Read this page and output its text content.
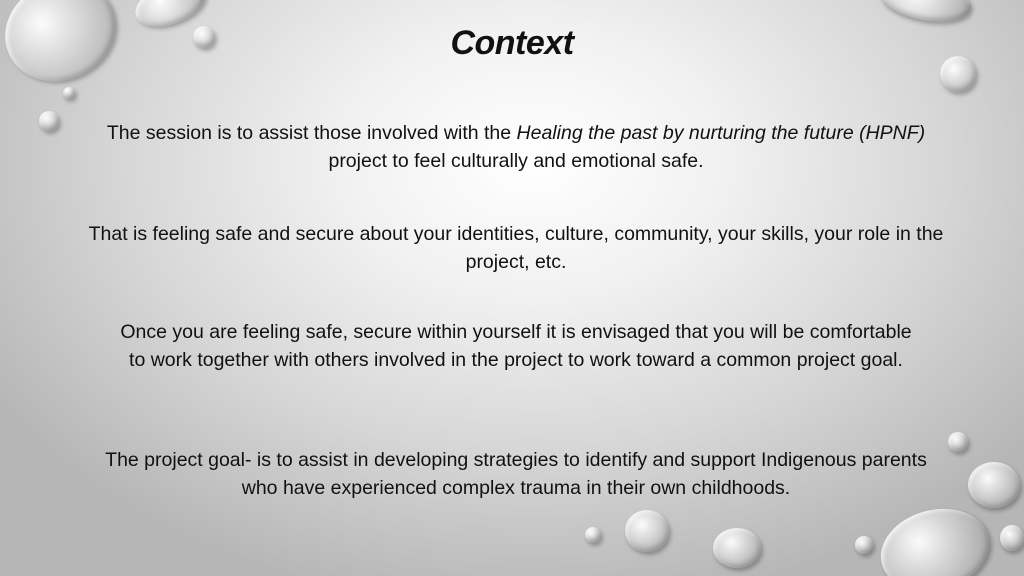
Context

The session is to assist those involved with the Healing the past by nurturing the future (HPNF) project to feel culturally and emotional safe.

That is feeling safe and secure about your identities, culture, community, your skills, your role in the project, etc.

Once you are feeling safe, secure within yourself it is envisaged that you will be comfortable to work together with others involved in the project to work toward a common project goal.

The project goal- is to assist in developing strategies to identify and support Indigenous parents who have experienced complex trauma in their own childhoods.
